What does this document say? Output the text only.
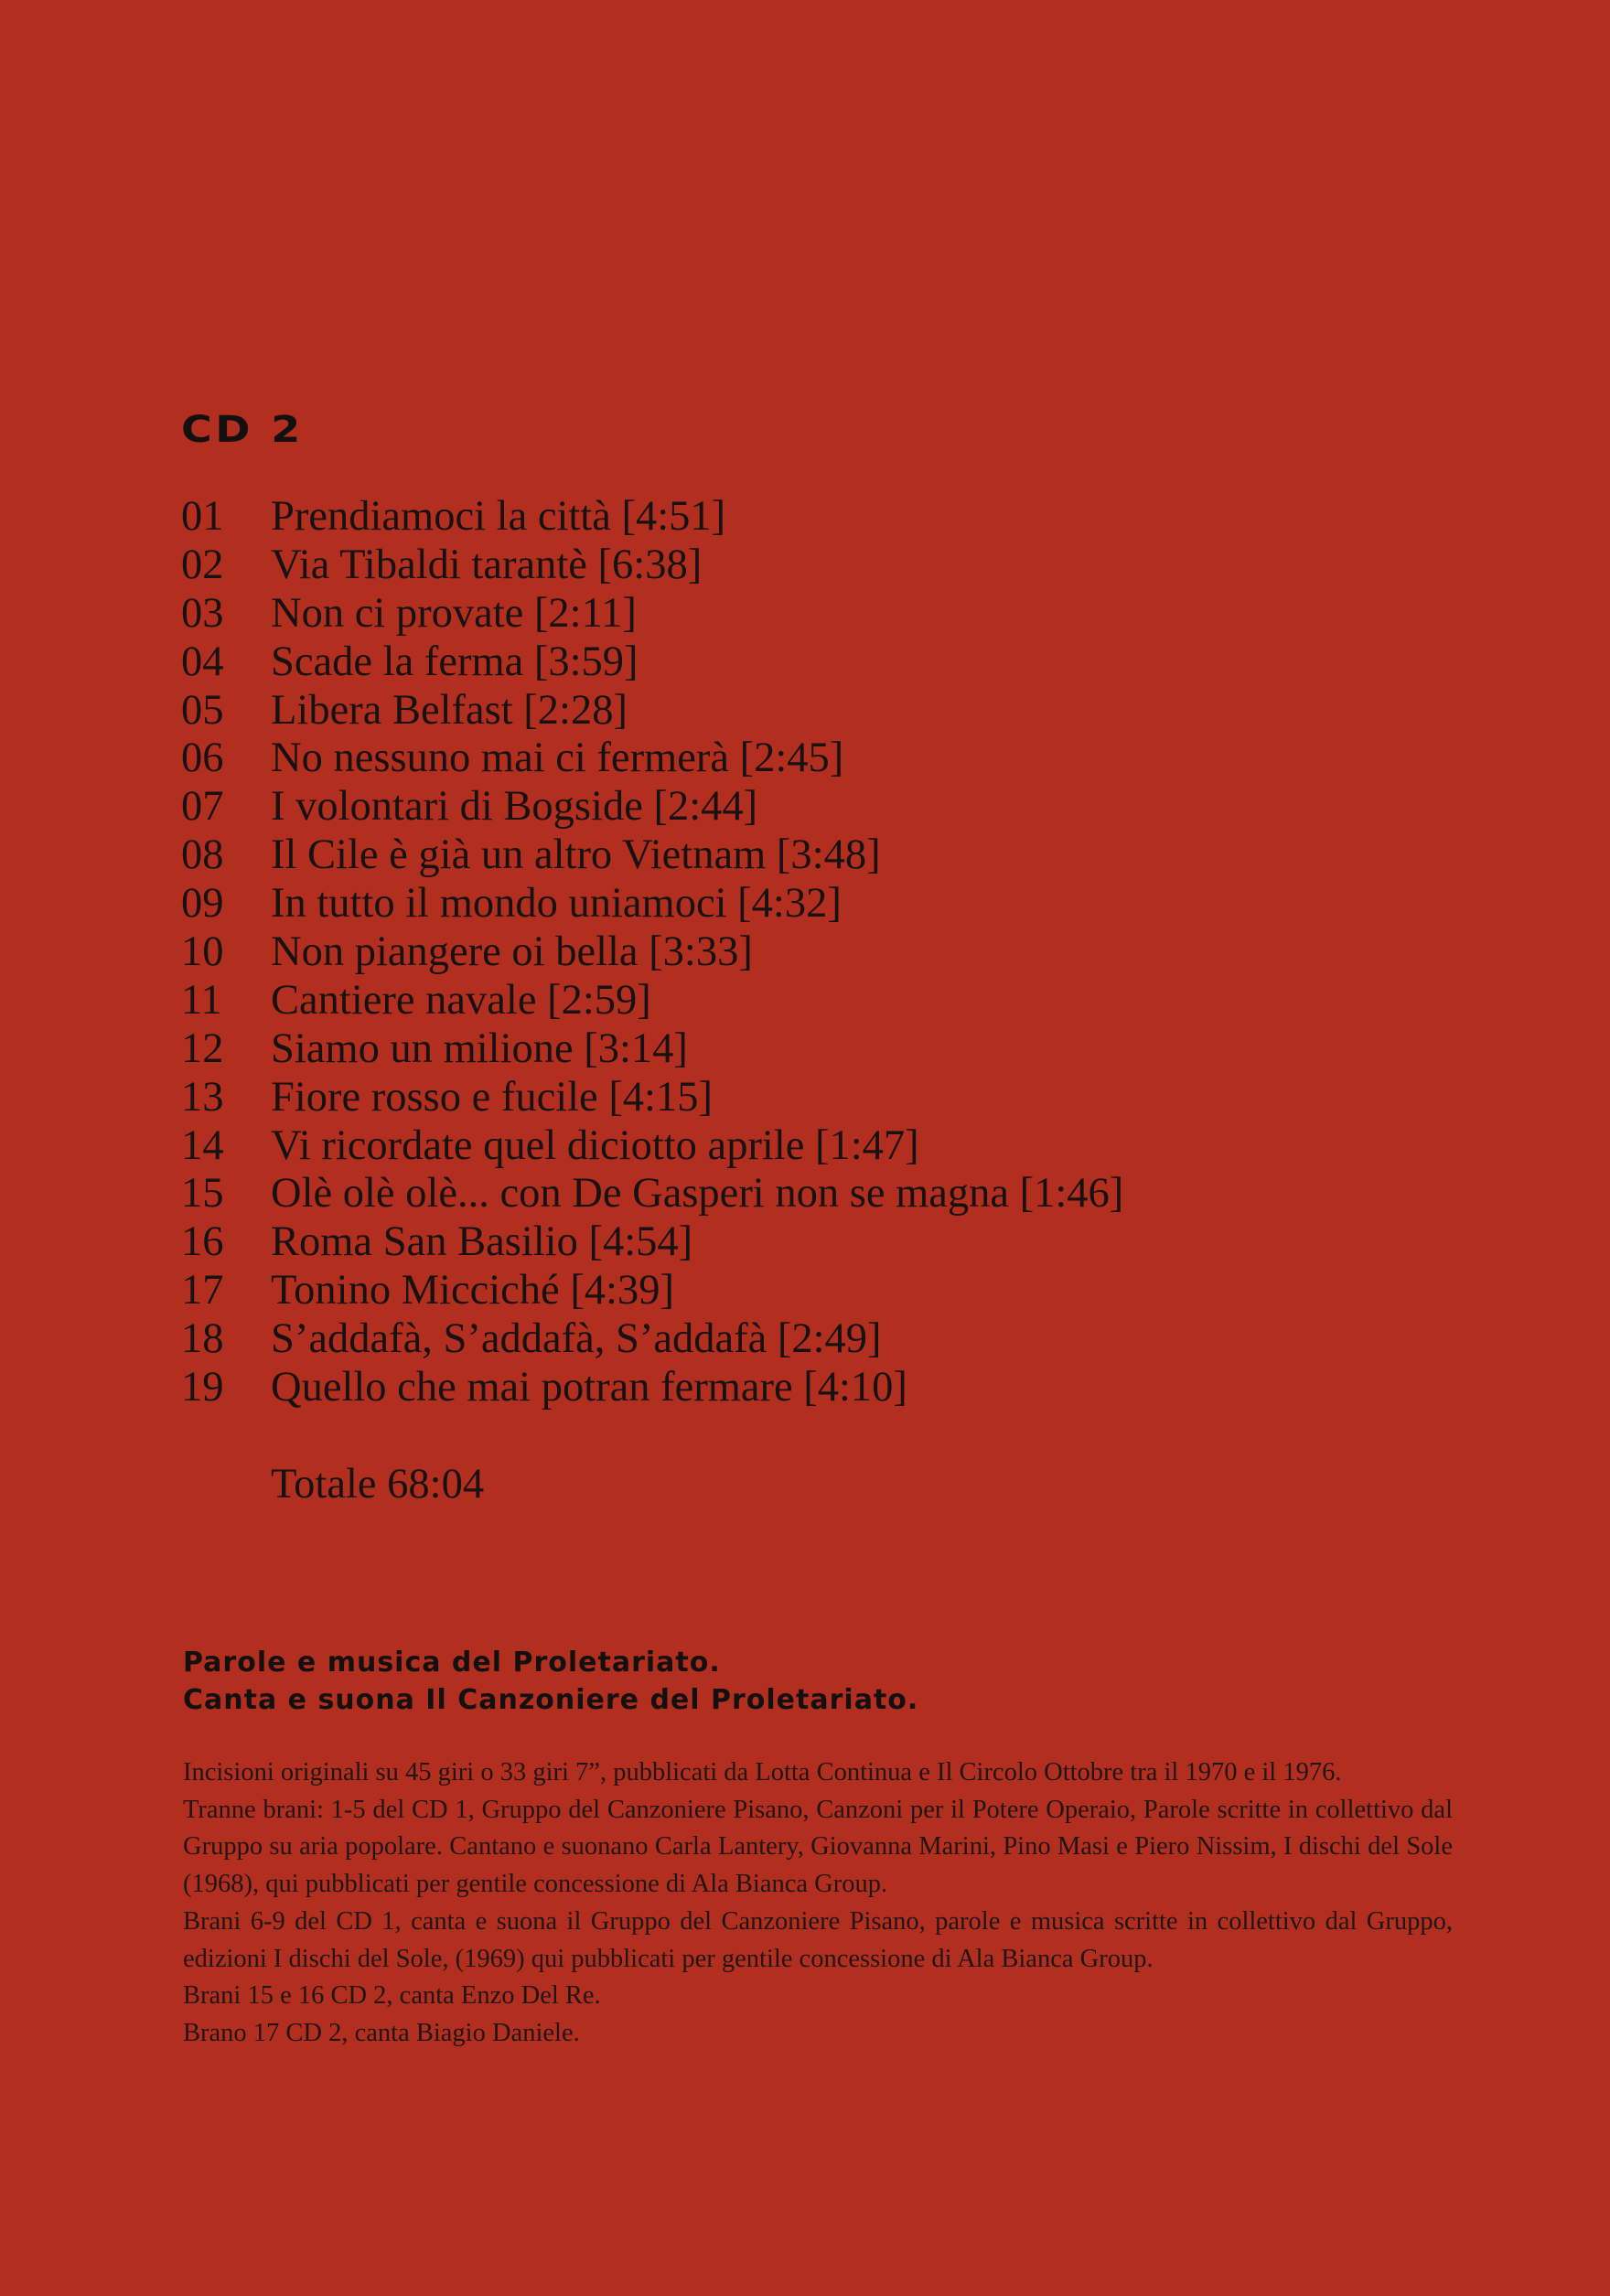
CD 2
01	Prendiamoci la città [4:51]
02	Via Tibaldi tarantè [6:38]
03	Non ci provate [2:11]
04	Scade la ferma [3:59]
05	Libera Belfast [2:28]
06	No nessuno mai ci fermerà [2:45]
07	I volontari di Bogside [2:44]
08	Il Cile è già un altro Vietnam [3:48]
09	In tutto il mondo uniamoci [4:32]
10	Non piangere oi bella [3:33]
11	Cantiere navale [2:59]
12	Siamo un milione [3:14]
13	Fiore rosso e fucile [4:15]
14	Vi ricordate quel diciotto aprile [1:47]
15	Olè olè olè... con De Gasperi non se magna [1:46]
16	Roma San Basilio [4:54]
17	Tonino Micciché [4:39]
18	S’addafà, S’addafà, S’addafà [2:49]
19	Quello che mai potran fermare [4:10]

Totale 68:04

Parole e musica del Proletariato.
Canta e suona Il Canzoniere del Proletariato.

Incisioni originali su 45 giri o 33 giri 7”, pubblicati da Lotta Continua e Il Circolo Ottobre tra il 1970 e il 1976.

Tranne brani: 1-5 del CD 1, Gruppo del Canzoniere Pisano, Canzoni per il Potere Operaio, Parole scritte in collettivo dal Gruppo su aria popolare. Cantano e suonano Carla Lantery, Giovanna Marini, Pino Masi e Piero Nissim, I dischi del Sole (1968), qui pubblicati per gentile concessione di Ala Bianca Group.

Brani 6-9 del CD 1, canta e suona il Gruppo del Canzoniere Pisano, parole e musica scritte in collettivo dal Gruppo, edizioni I dischi del Sole, (1969) qui pubblicati per gentile concessione di Ala Bianca Group.

Brani 15 e 16 CD 2, canta Enzo Del Re.

Brano 17 CD 2, canta Biagio Daniele.
